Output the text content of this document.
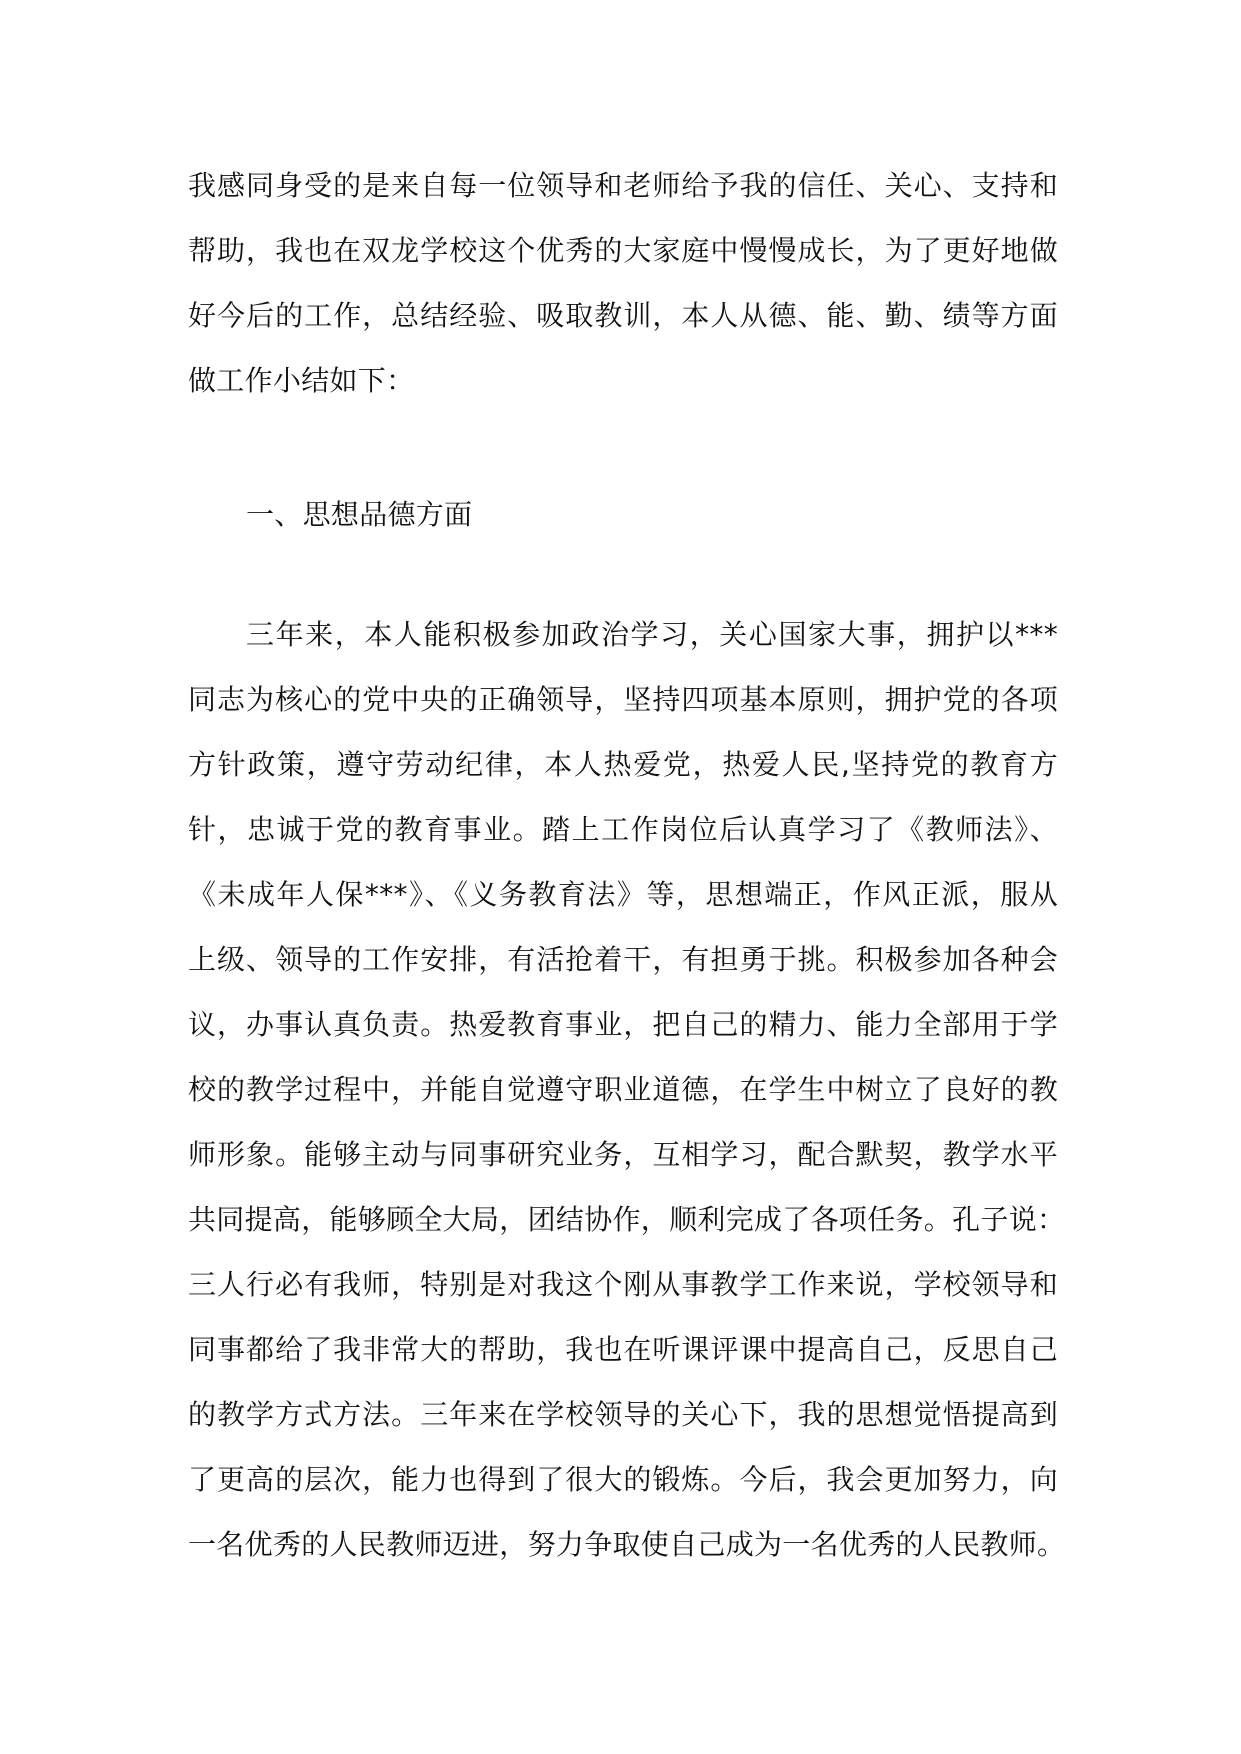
我感同身受的是来自每一位领导和老师给予我的信任、关心、支持和
帮助，我也在双龙学校这个优秀的大家庭中慢慢成长，为了更好地做
好今后的工作，总结经验、吸取教训，本人从德、能、勤、绩等方面
做工作小结如下：
一、思想品德方面
三年来，本人能积极参加政治学习，关心国家大事，拥护以***
同志为核心的党中央的正确领导，坚持四项基本原则，拥护党的各项
方针政策，遵守劳动纪律，本人热爱党，热爱人民,坚持党的教育方
针，忠诚于党的教育事业。踏上工作岗位后认真学习了《教师法》、
《未成年人保***》、《义务教育法》等，思想端正，作风正派，服从
上级、领导的工作安排，有活抢着干，有担勇于挑。积极参加各种会
议，办事认真负责。热爱教育事业，把自己的精力、能力全部用于学
校的教学过程中，并能自觉遵守职业道德，在学生中树立了良好的教
师形象。能够主动与同事研究业务，互相学习，配合默契，教学水平
共同提高，能够顾全大局，团结协作，顺利完成了各项任务。孔子说：
三人行必有我师，特别是对我这个刚从事教学工作来说，学校领导和
同事都给了我非常大的帮助，我也在听课评课中提高自己，反思自己
的教学方式方法。三年来在学校领导的关心下，我的思想觉悟提高到
了更高的层次，能力也得到了很大的锻炼。今后，我会更加努力，向
一名优秀的人民教师迈进，努力争取使自己成为一名优秀的人民教师。
